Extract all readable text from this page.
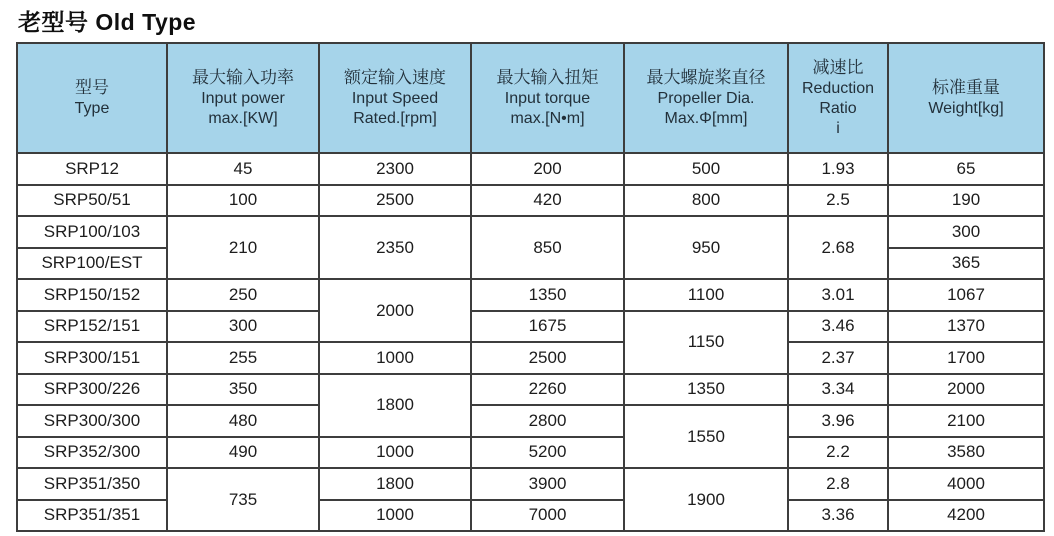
老型号 Old Type
型号
Type

最大输入功率
Input power
max.[KW]

额定输入速度
Input Speed
Rated.[rpm]

最大输入扭矩
Input torque
max.[N•m]

最大螺旋桨直径
Propeller Dia.
Max.Φ[mm]

减速比
Reduction
Ratio
i

标准重量
Weight[kg]

SRP12	45	2300	200	500	1.93	65
SRP50/51	100	2500	420	800	2.5	190
SRP100/103	210	2350	850	950	2.68	300
SRP100/EST						365
SRP150/152	250	2000	1350	1100	3.01	1067
SRP152/151	300		1675	1150	3.46	1370
SRP300/151	255	1000	2500		2.37	1700
SRP300/226	350	1800	2260	1350	3.34	2000
SRP300/300	480		2800	1550	3.96	2100
SRP352/300	490	1000	5200		2.2	3580
SRP351/350	735	1800	3900	1900	2.8	4000
SRP351/351		1000	7000		3.36	4200
